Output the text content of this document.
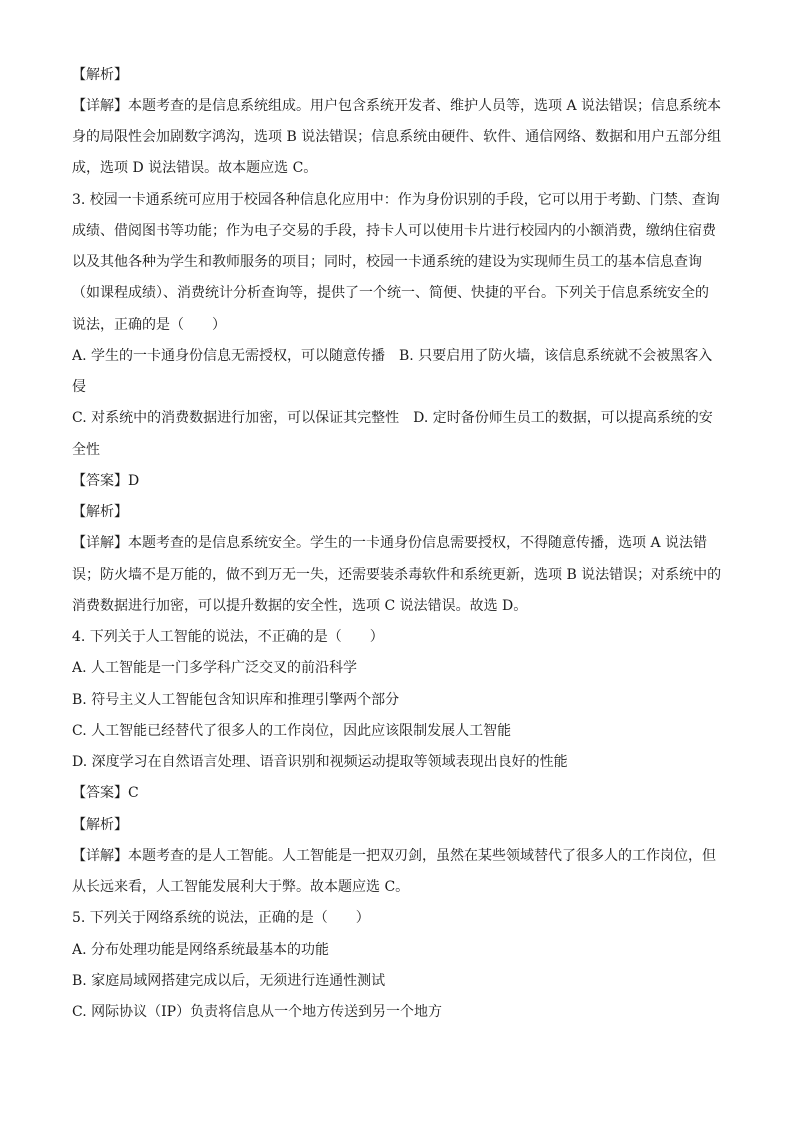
【解析】
【详解】本题考查的是信息系统组成。用户包含系统开发者、维护人员等，选项 A 说法错误；信息系统本
身的局限性会加剧数字鸿沟，选项 B 说法错误；信息系统由硬件、软件、通信网络、数据和用户五部分组
成，选项 D 说法错误。故本题应选 C。
3. 校园一卡通系统可应用于校园各种信息化应用中：作为身份识别的手段，它可以用于考勤、门禁、查询
成绩、借阅图书等功能；作为电子交易的手段，持卡人可以使用卡片进行校园内的小额消费，缴纳住宿费
以及其他各种为学生和教师服务的项目；同时，校园一卡通系统的建设为实现师生员工的基本信息查询
（如课程成绩）、消费统计分析查询等，提供了一个统一、简便、快捷的平台。下列关于信息系统安全的
说法，正确的是（　　）
A. 学生的一卡通身份信息无需授权，可以随意传播　B. 只要启用了防火墙，该信息系统就不会被黑客入
侵
C. 对系统中的消费数据进行加密，可以保证其完整性　D. 定时备份师生员工的数据，可以提高系统的安
全性
【答案】D
【解析】
【详解】本题考查的是信息系统安全。学生的一卡通身份信息需要授权，不得随意传播，选项 A 说法错
误；防火墙不是万能的，做不到万无一失，还需要装杀毒软件和系统更新，选项 B 说法错误；对系统中的
消费数据进行加密，可以提升数据的安全性，选项 C 说法错误。故选 D。
4. 下列关于人工智能的说法，不正确的是（　　）
A. 人工智能是一门多学科广泛交叉的前沿科学
B. 符号主义人工智能包含知识库和推理引擎两个部分
C. 人工智能已经替代了很多人的工作岗位，因此应该限制发展人工智能
D. 深度学习在自然语言处理、语音识别和视频运动提取等领域表现出良好的性能
【答案】C
【解析】
【详解】本题考查的是人工智能。人工智能是一把双刃剑，虽然在某些领域替代了很多人的工作岗位，但
从长远来看，人工智能发展利大于弊。故本题应选 C。
5. 下列关于网络系统的说法，正确的是（　　）
A. 分布处理功能是网络系统最基本的功能
B. 家庭局域网搭建完成以后，无须进行连通性测试
C. 网际协议（IP）负责将信息从一个地方传送到另一个地方
